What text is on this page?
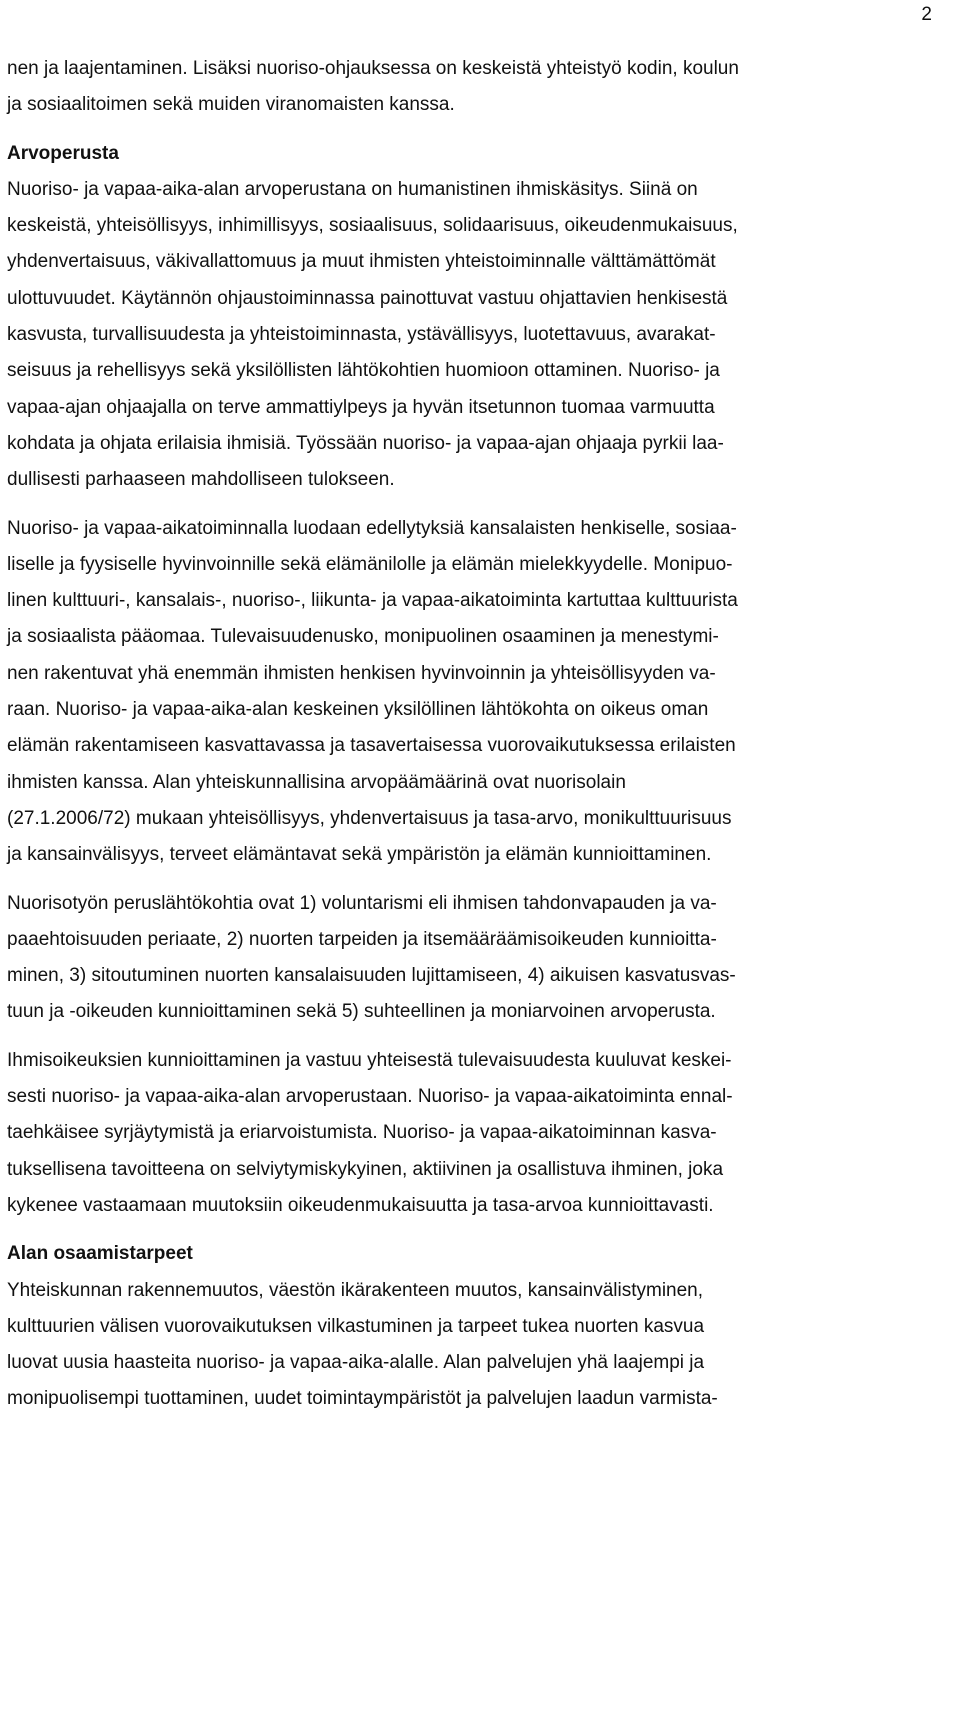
2
nen ja laajentaminen. Lisäksi nuoriso-ohjauksessa on keskeistä yhteistyö kodin, koulun
ja sosiaalitoimen sekä muiden viranomaisten kanssa.
Arvoperusta
Nuoriso- ja vapaa-aika-alan arvoperustana on humanistinen ihmiskäsitys. Siinä on
keskeistä, yhteisöllisyys, inhimillisyys, sosiaalisuus, solidaarisuus, oikeudenmukaisuus,
yhdenvertaisuus, väkivallattomuus ja muut ihmisten yhteistoiminnalle välttämättömät
ulottuvuudet. Käytännön ohjaustoiminnassa painottuvat vastuu ohjattavien henkisestä
kasvusta, turvallisuudesta ja yhteistoiminnasta, ystävällisyys, luotettavuus, avarakat-
seisuus ja rehellisyys sekä yksilöllisten lähtökohtien huomioon ottaminen. Nuoriso- ja
vapaa-ajan ohjaajalla on terve ammattiylpeys ja hyvän itsetunnon tuomaa varmuutta
kohdata ja ohjata erilaisia ihmisiä. Työssään nuoriso- ja vapaa-ajan ohjaaja pyrkii laa-
dullisesti parhaaseen mahdolliseen tulokseen.
Nuoriso- ja vapaa-aikatoiminnalla luodaan edellytyksiä kansalaisten henkiselle, sosiaa-
liselle ja fyysiselle hyvinvoinnille sekä elämänilolle ja elämän mielekkyydelle. Monipuo-
linen kulttuuri-, kansalais-, nuoriso-, liikunta- ja vapaa-aikatoiminta kartuttaa kulttuurista
ja sosiaalista pääomaa. Tulevaisuudenusko, monipuolinen osaaminen ja menestymi-
nen rakentuvat yhä enemmän ihmisten henkisen hyvinvoinnin ja yhteisöllisyyden va-
raan. Nuoriso- ja vapaa-aika-alan keskeinen yksilöllinen lähtökohta on oikeus oman
elämän rakentamiseen kasvattavassa ja tasavertaisessa vuorovaikutuksessa erilaisten
ihmisten kanssa. Alan yhteiskunnallisina arvopäämäärinä ovat nuorisolain
(27.1.2006/72) mukaan yhteisöllisyys, yhdenvertaisuus ja tasa-arvo, monikulttuurisuus
ja kansainvälisyys, terveet elämäntavat sekä ympäristön ja elämän kunnioittaminen.
Nuorisotyön peruslähtökohtia ovat 1) voluntarismi eli ihmisen tahdonvapauden ja va-
paaehtoisuuden periaate, 2) nuorten tarpeiden ja itsemääräämisoikeuden kunnioitta-
minen, 3) sitoutuminen nuorten kansalaisuuden lujittamiseen, 4) aikuisen kasvatusvas-
tuun ja -oikeuden kunnioittaminen sekä 5) suhteellinen ja moniarvoinen arvoperusta.
Ihmisoikeuksien kunnioittaminen ja vastuu yhteisestä tulevaisuudesta kuuluvat keskei-
sesti nuoriso- ja vapaa-aika-alan arvoperustaan. Nuoriso- ja vapaa-aikatoiminta ennal-
taehkäisee syrjäytymistä ja eriarvoistumista. Nuoriso- ja vapaa-aikatoiminnan kasva-
tuksellisena tavoitteena on selviytymiskykyinen, aktiivinen ja osallistuva ihminen, joka
kykenee vastaamaan muutoksiin oikeudenmukaisuutta ja tasa-arvoa kunnioittavasti.
Alan osaamistarpeet
Yhteiskunnan rakennemuutos, väestön ikärakenteen muutos, kansainvälistyminen,
kulttuurien välisen vuorovaikutuksen vilkastuminen ja tarpeet tukea nuorten kasvua
luovat uusia haasteita nuoriso- ja vapaa-aika-alalle. Alan palvelujen yhä laajempi ja
monipuolisempi tuottaminen, uudet toimintaympäristöt ja palvelujen laadun varmista-
